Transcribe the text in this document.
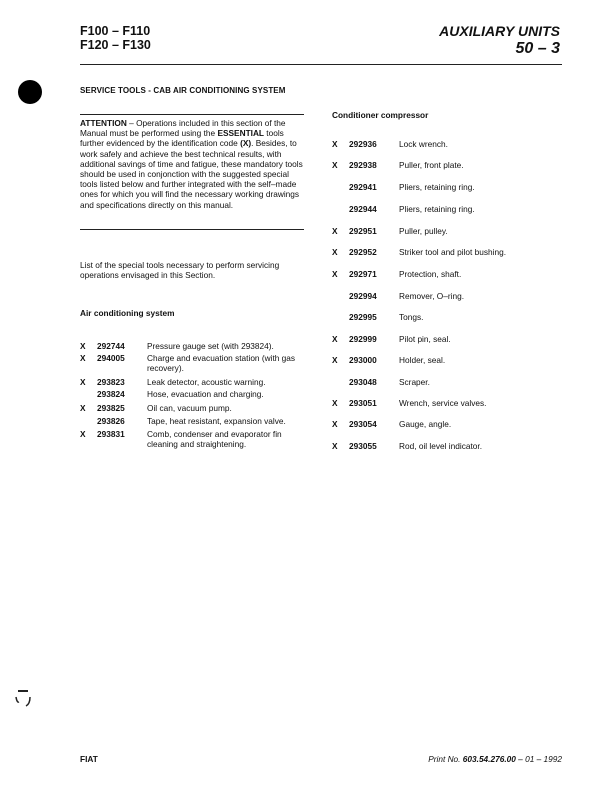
F100 – F110
F120 – F130
AUXILIARY UNITS
50 – 3
SERVICE TOOLS - CAB AIR CONDITIONING SYSTEM
ATTENTION – Operations included in this section of the Manual must be performed using the ESSENTIAL tools further evidenced by the identification code (X). Besides, to work safely and achieve the best technical results, with additional savings of time and fatigue, these mandatory tools should be used in conjonction with the suggested special tools listed below and further integrated with the self–made ones for which you will find the necessary working drawings and specifications directly on this manual.
List of the special tools necessary to perform servicing operations envisaged in this Section.
Air conditioning system
X 292744	Pressure gauge set (with 293824).
X 294005	Charge and evacuation station (with gas recovery).
X 293823	Leak detector, acoustic warning.
293824	Hose, evacuation and charging.
X 293825	Oil can, vacuum pump.
293826	Tape, heat resistant, expansion valve.
X 293831	Comb, condenser and evaporator fin cleaning and straightening.
Conditioner compressor
X 292936	Lock wrench.
X 292938	Puller, front plate.
292941	Pliers, retaining ring.
292944	Pliers, retaining ring.
X 292951	Puller, pulley.
X 292952	Striker tool and pilot bushing.
X 292971	Protection, shaft.
292994	Remover, O–ring.
292995	Tongs.
X 292999	Pilot pin, seal.
X 293000	Holder, seal.
293048	Scraper.
X 293051	Wrench, service valves.
X 293054	Gauge, angle.
X 293055	Rod, oil level indicator.
FIAT	Print No. 603.54.276.00 – 01 – 1992
